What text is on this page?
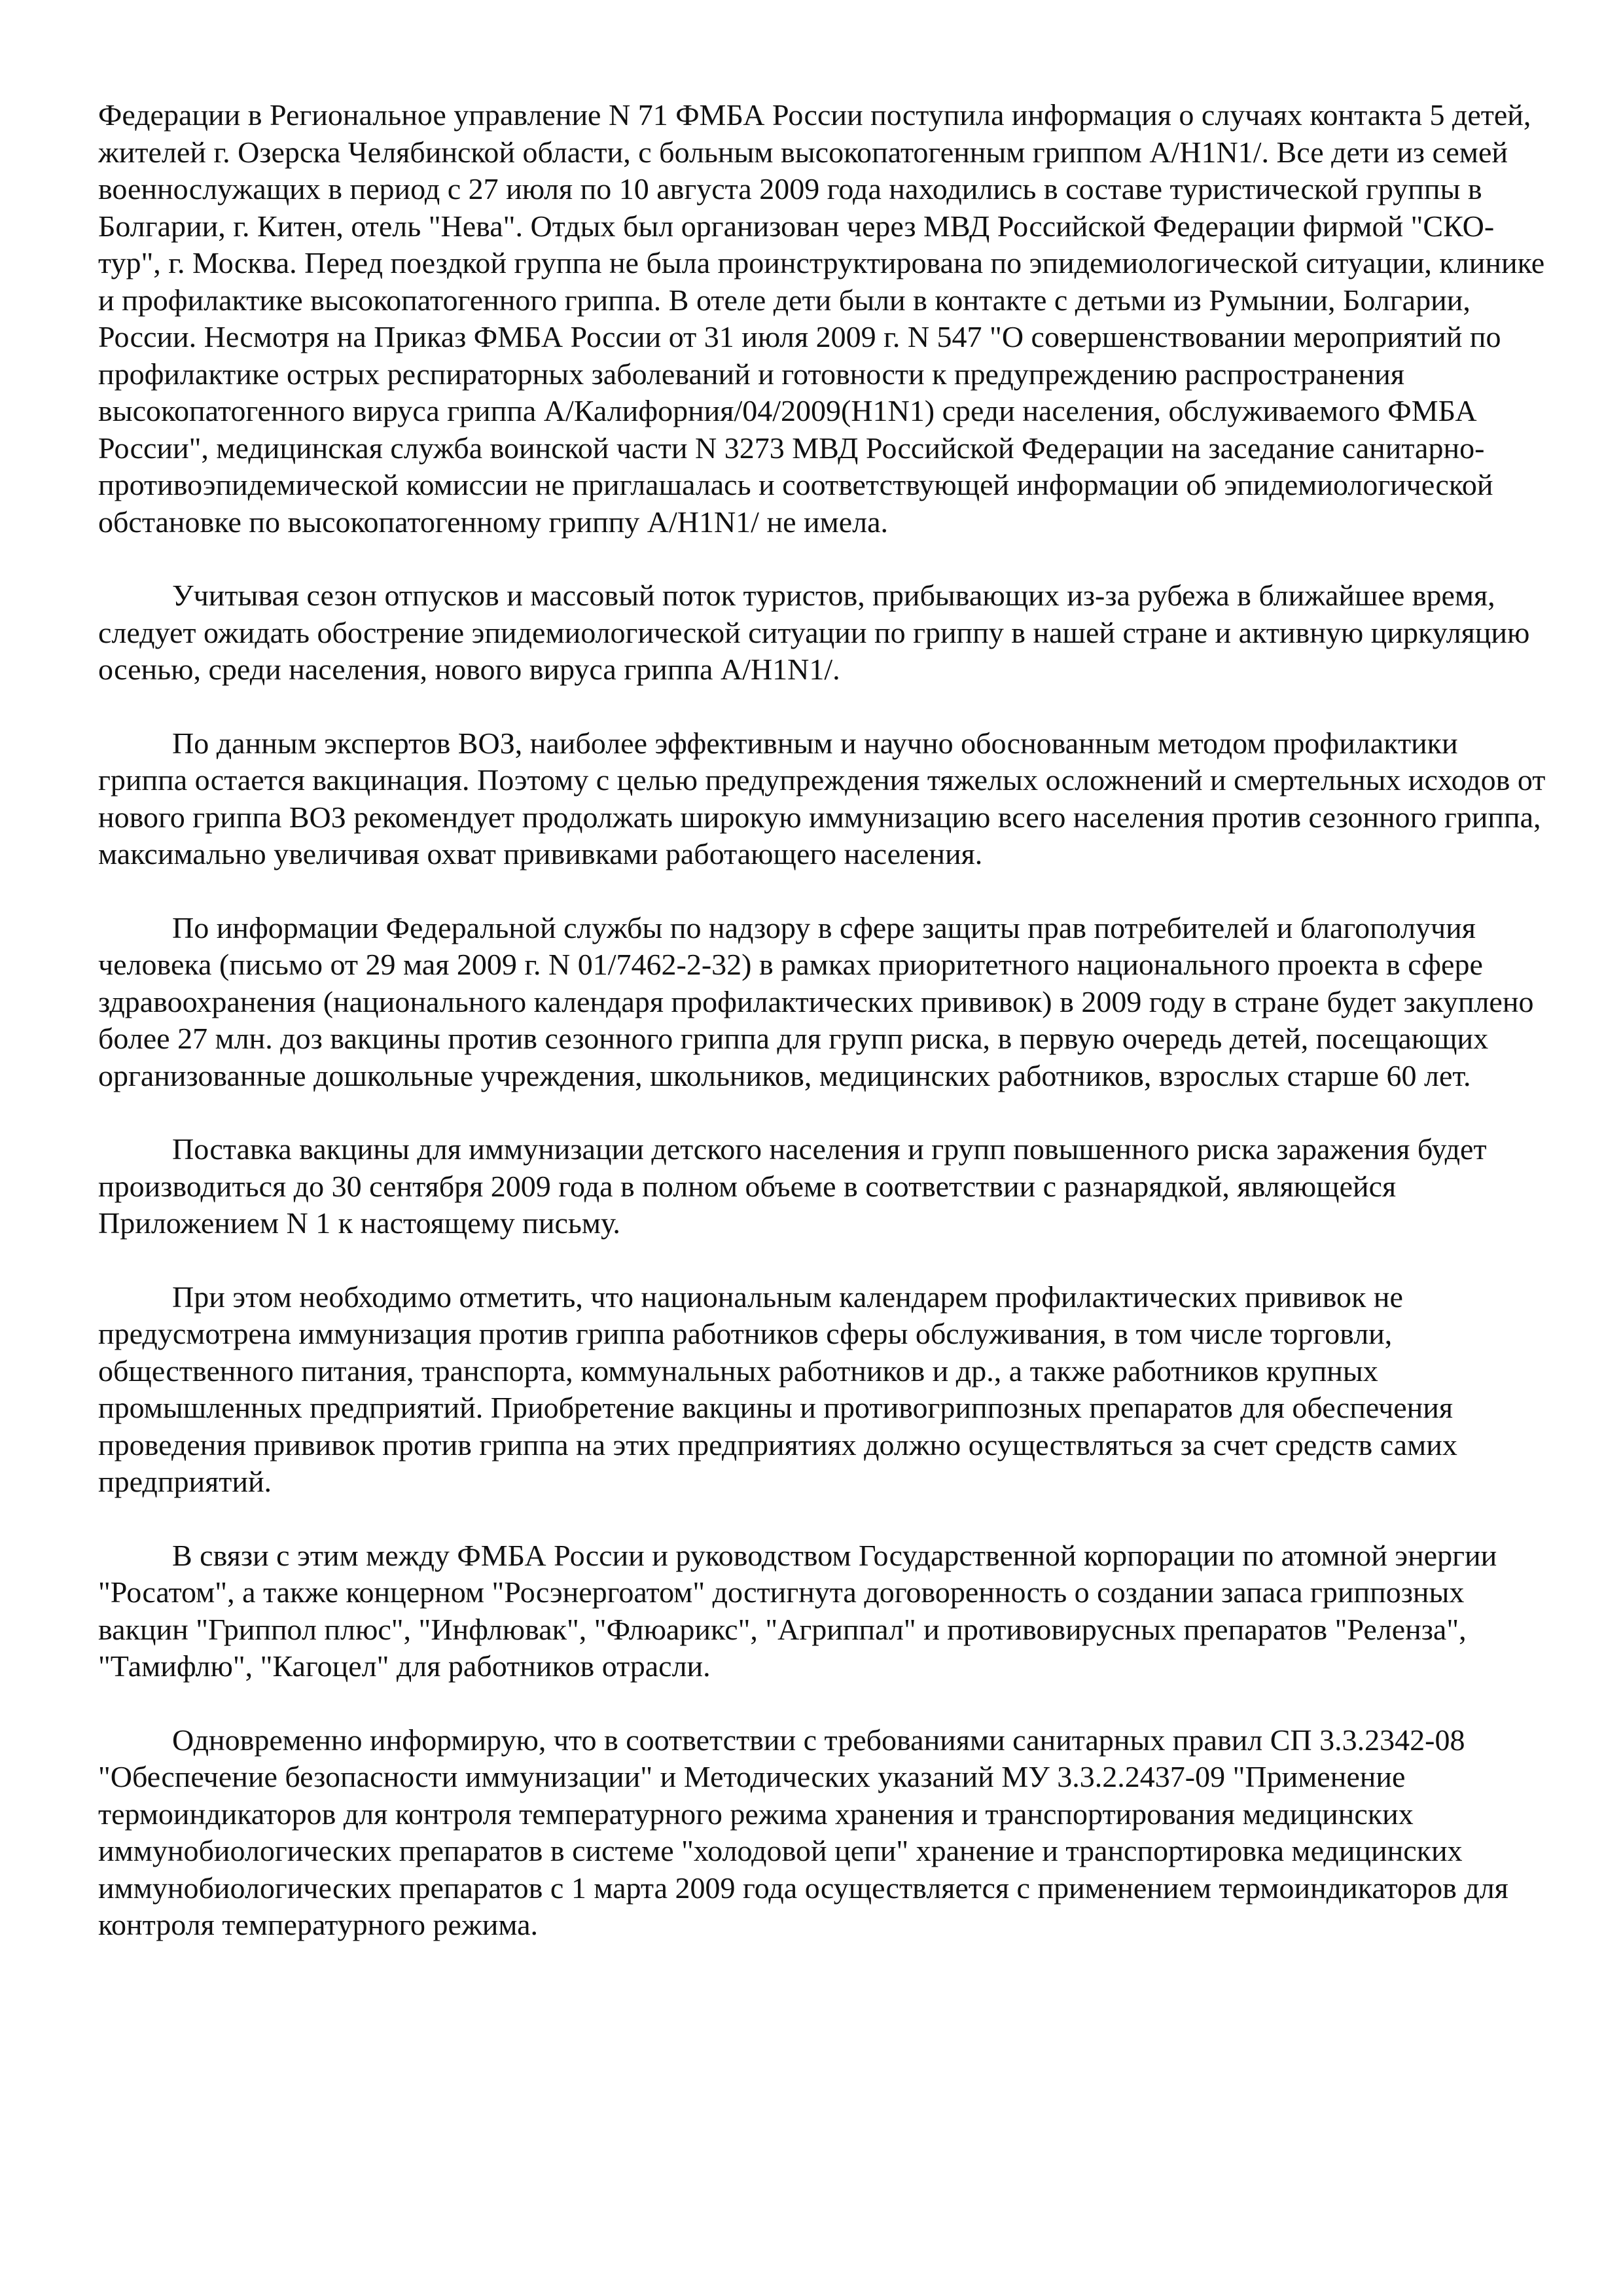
Федерации в Региональное управление N 71 ФМБА России поступила информация о случаях контакта 5 детей, жителей г. Озерска Челябинской области, с больным высокопатогенным гриппом A/H1N1/. Все дети из семей военнослужащих в период с 27 июля по 10 августа 2009 года находились в составе туристической группы в Болгарии, г. Китен, отель "Нева". Отдых был организован через МВД Российской Федерации фирмой "СКО-тур", г. Москва. Перед поездкой группа не была проинструктирована по эпидемиологической ситуации, клинике и профилактике высокопатогенного гриппа. В отеле дети были в контакте с детьми из Румынии, Болгарии, России. Несмотря на Приказ ФМБА России от 31 июля 2009 г. N 547 "О совершенствовании мероприятий по профилактике острых респираторных заболеваний и готовности к предупреждению распространения высокопатогенного вируса гриппа А/Калифорния/04/2009(H1N1) среди населения, обслуживаемого ФМБА России", медицинская служба воинской части N 3273 МВД Российской Федерации на заседание санитарно-противоэпидемической комиссии не приглашалась и соответствующей информации об эпидемиологической обстановке по высокопатогенному гриппу A/H1N1/ не имела.

Учитывая сезон отпусков и массовый поток туристов, прибывающих из-за рубежа в ближайшее время, следует ожидать обострение эпидемиологической ситуации по гриппу в нашей стране и активную циркуляцию осенью, среди населения, нового вируса гриппа A/H1N1/.

По данным экспертов ВОЗ, наиболее эффективным и научно обоснованным методом профилактики гриппа остается вакцинация. Поэтому с целью предупреждения тяжелых осложнений и смертельных исходов от нового гриппа ВОЗ рекомендует продолжать широкую иммунизацию всего населения против сезонного гриппа, максимально увеличивая охват прививками работающего населения.

По информации Федеральной службы по надзору в сфере защиты прав потребителей и благополучия человека (письмо от 29 мая 2009 г. N 01/7462-2-32) в рамках приоритетного национального проекта в сфере здравоохранения (национального календаря профилактических прививок) в 2009 году в стране будет закуплено более 27 млн. доз вакцины против сезонного гриппа для групп риска, в первую очередь детей, посещающих организованные дошкольные учреждения, школьников, медицинских работников, взрослых старше 60 лет.

Поставка вакцины для иммунизации детского населения и групп повышенного риска заражения будет производиться до 30 сентября 2009 года в полном объеме в соответствии с разнарядкой, являющейся Приложением N 1 к настоящему письму.

При этом необходимо отметить, что национальным календарем профилактических прививок не предусмотрена иммунизация против гриппа работников сферы обслуживания, в том числе торговли, общественного питания, транспорта, коммунальных работников и др., а также работников крупных промышленных предприятий. Приобретение вакцины и противогриппозных препаратов для обеспечения проведения прививок против гриппа на этих предприятиях должно осуществляться за счет средств самих предприятий.

В связи с этим между ФМБА России и руководством Государственной корпорации по атомной энергии "Росатом", а также концерном "Росэнергоатом" достигнута договоренность о создании запаса гриппозных вакцин "Гриппол плюс", "Инфлювак", "Флюарикс", "Агриппал" и противовирусных препаратов "Реленза", "Тамифлю", "Кагоцел" для работников отрасли.

Одновременно информирую, что в соответствии с требованиями санитарных правил СП 3.3.2342-08 "Обеспечение безопасности иммунизации" и Методических указаний МУ 3.3.2.2437-09 "Применение термоиндикаторов для контроля температурного режима хранения и транспортирования медицинских иммунобиологических препаратов в системе "холодовой цепи" хранение и транспортировка медицинских иммунобиологических препаратов с 1 марта 2009 года осуществляется с применением термоиндикаторов для контроля температурного режима.
